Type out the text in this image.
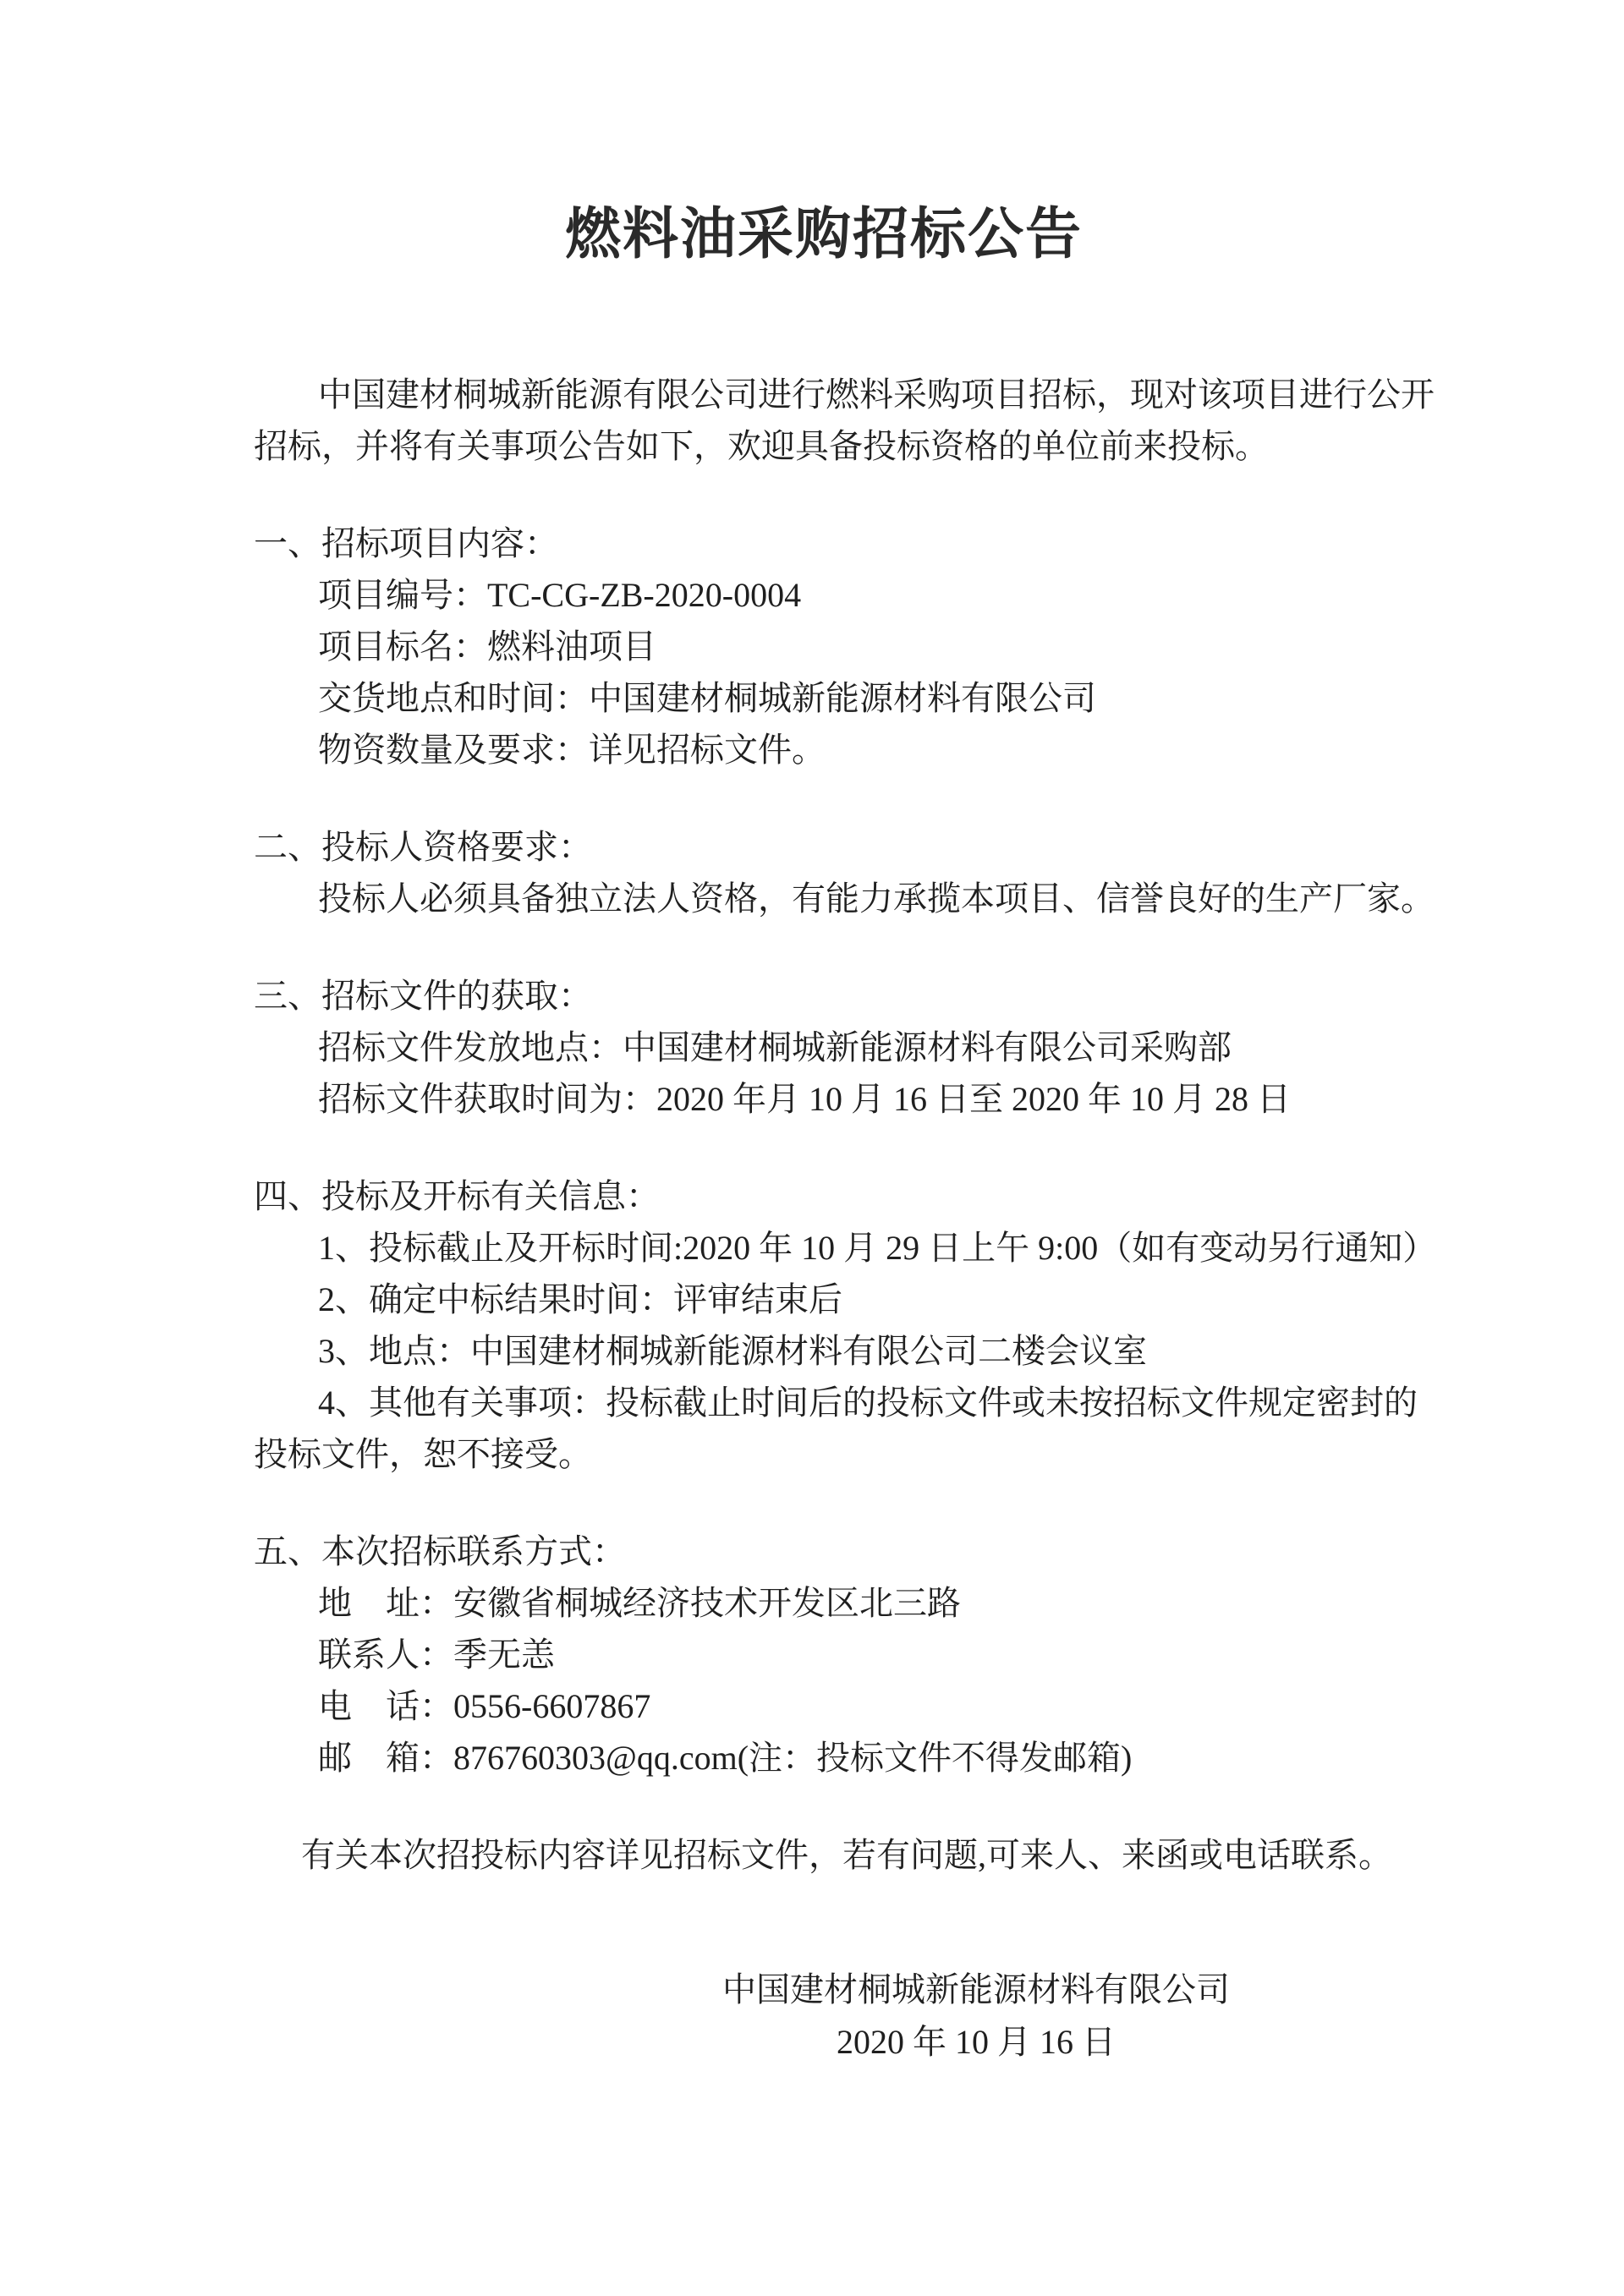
燃料油采购招标公告
中国建材桐城新能源有限公司进行燃料采购项目招标，现对该项目进行公开
招标，并将有关事项公告如下，欢迎具备投标资格的单位前来投标。
一、招标项目内容：
项目编号：TC-CG-ZB-2020-0004
项目标名：燃料油项目
交货地点和时间：中国建材桐城新能源材料有限公司
物资数量及要求：详见招标文件。
二、投标人资格要求：
投标人必须具备独立法人资格，有能力承揽本项目、信誉良好的生产厂家。
三、招标文件的获取：
招标文件发放地点：中国建材桐城新能源材料有限公司采购部
招标文件获取时间为：2020 年月 10 月 16 日至 2020 年 10 月 28 日
四、投标及开标有关信息：
1、投标截止及开标时间:2020 年 10 月 29 日上午 9:00（如有变动另行通知）
2、确定中标结果时间：评审结束后
3、地点：中国建材桐城新能源材料有限公司二楼会议室
4、其他有关事项：投标截止时间后的投标文件或未按招标文件规定密封的
投标文件，恕不接受。
五、本次招标联系方式：
地　址：安徽省桐城经济技术开发区北三路
联系人：季无恙
电　话：0556-6607867
邮　箱：876760303@qq.com(注：投标文件不得发邮箱)
有关本次招投标内容详见招标文件，若有问题,可来人、来函或电话联系。
中国建材桐城新能源材料有限公司
2020 年 10 月 16 日
